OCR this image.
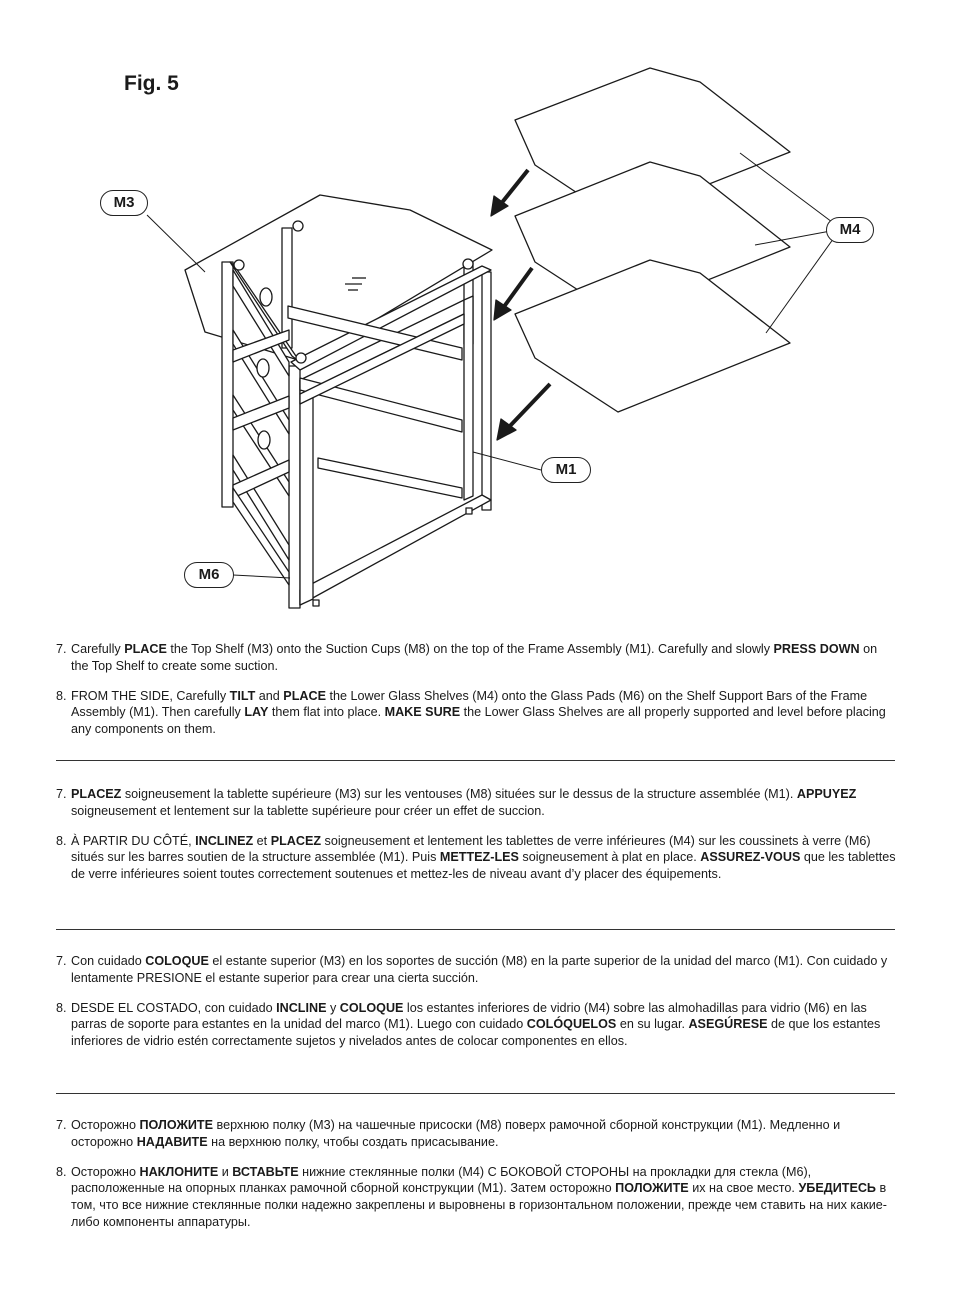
Fig. 5
M3
M4
M1
M6

7. Carefully PLACE the Top Shelf (M3) onto the Suction Cups (M8) on the top of the Frame Assembly (M1). Carefully and slowly PRESS DOWN on the Top Shelf to create some suction.

8. FROM THE SIDE, Carefully TILT and PLACE the Lower Glass Shelves (M4) onto the Glass Pads (M6) on the Shelf Support Bars of the Frame Assembly (M1). Then carefully LAY them flat into place. MAKE SURE the Lower Glass Shelves are all properly supported and level before placing any components on them.

7. PLACEZ soigneusement la tablette supérieure (M3) sur les ventouses (M8) situées sur le dessus de la structure assemblée (M1). APPUYEZ soigneusement et lentement sur la tablette supérieure pour créer un effet de succion.

8. À PARTIR DU CÔTÉ, INCLINEZ et PLACEZ soigneusement et lentement les tablettes de verre inférieures (M4) sur les coussinets à verre (M6) situés sur les barres soutien de la structure assemblée (M1). Puis METTEZ-LES soigneusement à plat en place. ASSUREZ-VOUS que les tablettes de verre inférieures soient toutes correctement soutenues et mettez-les de niveau avant d’y placer des équipements.

7. Con cuidado COLOQUE el estante superior (M3) en los soportes de succión (M8) en la parte superior de la unidad del marco (M1). Con cuidado y lentamente PRESIONE el estante superior para crear una cierta succión.

8. DESDE EL COSTADO, con cuidado INCLINE y COLOQUE los estantes inferiores de vidrio (M4) sobre las almohadillas para vidrio (M6) en las parras de soporte para estantes en la unidad del marco (M1). Luego con cuidado COLÓQUELOS en su lugar. ASEGÚRESE de que los estantes inferiores de vidrio estén correctamente sujetos y nivelados antes de colocar componentes en ellos.

7. Осторожно ПОЛОЖИТЕ верхнюю полку (M3) на чашечные присоски (M8) поверх рамочной сборной конструкции (M1). Медленно и осторожно НАДАВИТЕ на верхнюю полку, чтобы создать присасывание.

8. Осторожно НАКЛОНИТЕ и ВСТАВЬТЕ нижние стеклянные полки (M4) С БОКОВОЙ СТОРОНЫ на прокладки для стекла (M6), расположенные на опорных планках рамочной сборной конструкции (M1). Затем осторожно ПОЛОЖИТЕ их на свое место. УБЕДИТЕСЬ в том, что все нижние стеклянные полки надежно закреплены и выровнены в горизонтальном положении, прежде чем ставить на них какие-либо компоненты аппаратуры.
